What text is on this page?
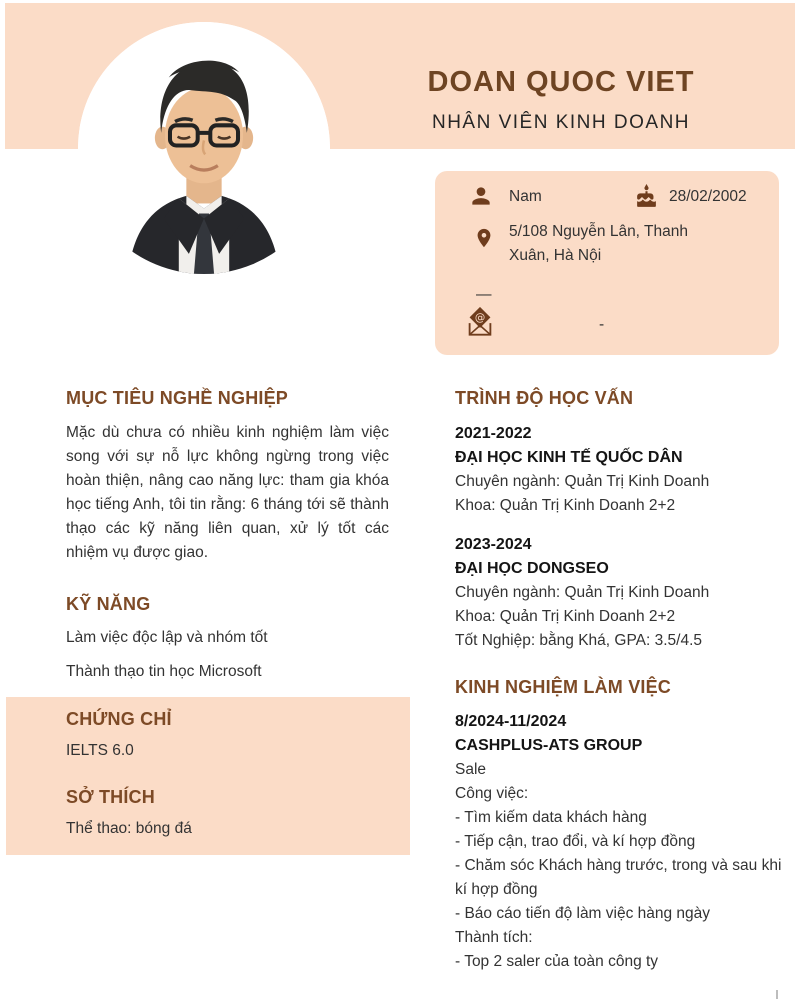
DOAN QUOC VIET
NHÂN VIÊN KINH DOANH
Nam	28/02/2002
5/108 Nguyễn Lân, Thanh Xuân, Hà Nội
—
@	-
MỤC TIÊU NGHỀ NGHIỆP

Mặc dù chưa có nhiều kinh nghiệm làm việc song với sự nỗ lực không ngừng trong việc hoàn thiện, nâng cao năng lực: tham gia khóa học tiếng Anh, tôi tin rằng: 6 tháng tới sẽ thành thạo các kỹ năng liên quan, xử lý tốt các nhiệm vụ được giao.

KỸ NĂNG
Làm việc độc lập và nhóm tốt
Thành thạo tin học Microsoft
CHỨNG CHỈ
IELTS 6.0
SỞ THÍCH
Thể thao: bóng đá
TRÌNH ĐỘ HỌC VẤN
2021-2022
ĐẠI HỌC KINH TẾ QUỐC DÂN
Chuyên ngành: Quản Trị Kinh Doanh
Khoa: Quản Trị Kinh Doanh 2+2
2023-2024
ĐẠI HỌC DONGSEO
Chuyên ngành: Quản Trị Kinh Doanh
Khoa: Quản Trị Kinh Doanh 2+2
Tốt Nghiệp: bằng Khá, GPA: 3.5/4.5
KINH NGHIỆM LÀM VIỆC
8/2024-11/2024
CASHPLUS-ATS GROUP
Sale
Công việc:
- Tìm kiếm data khách hàng
- Tiếp cận, trao đổi, và kí hợp đồng
- Chăm sóc Khách hàng trước, trong và sau khi kí hợp đồng
- Báo cáo tiến độ làm việc hàng ngày
Thành tích:
- Top 2 saler của toàn công ty
